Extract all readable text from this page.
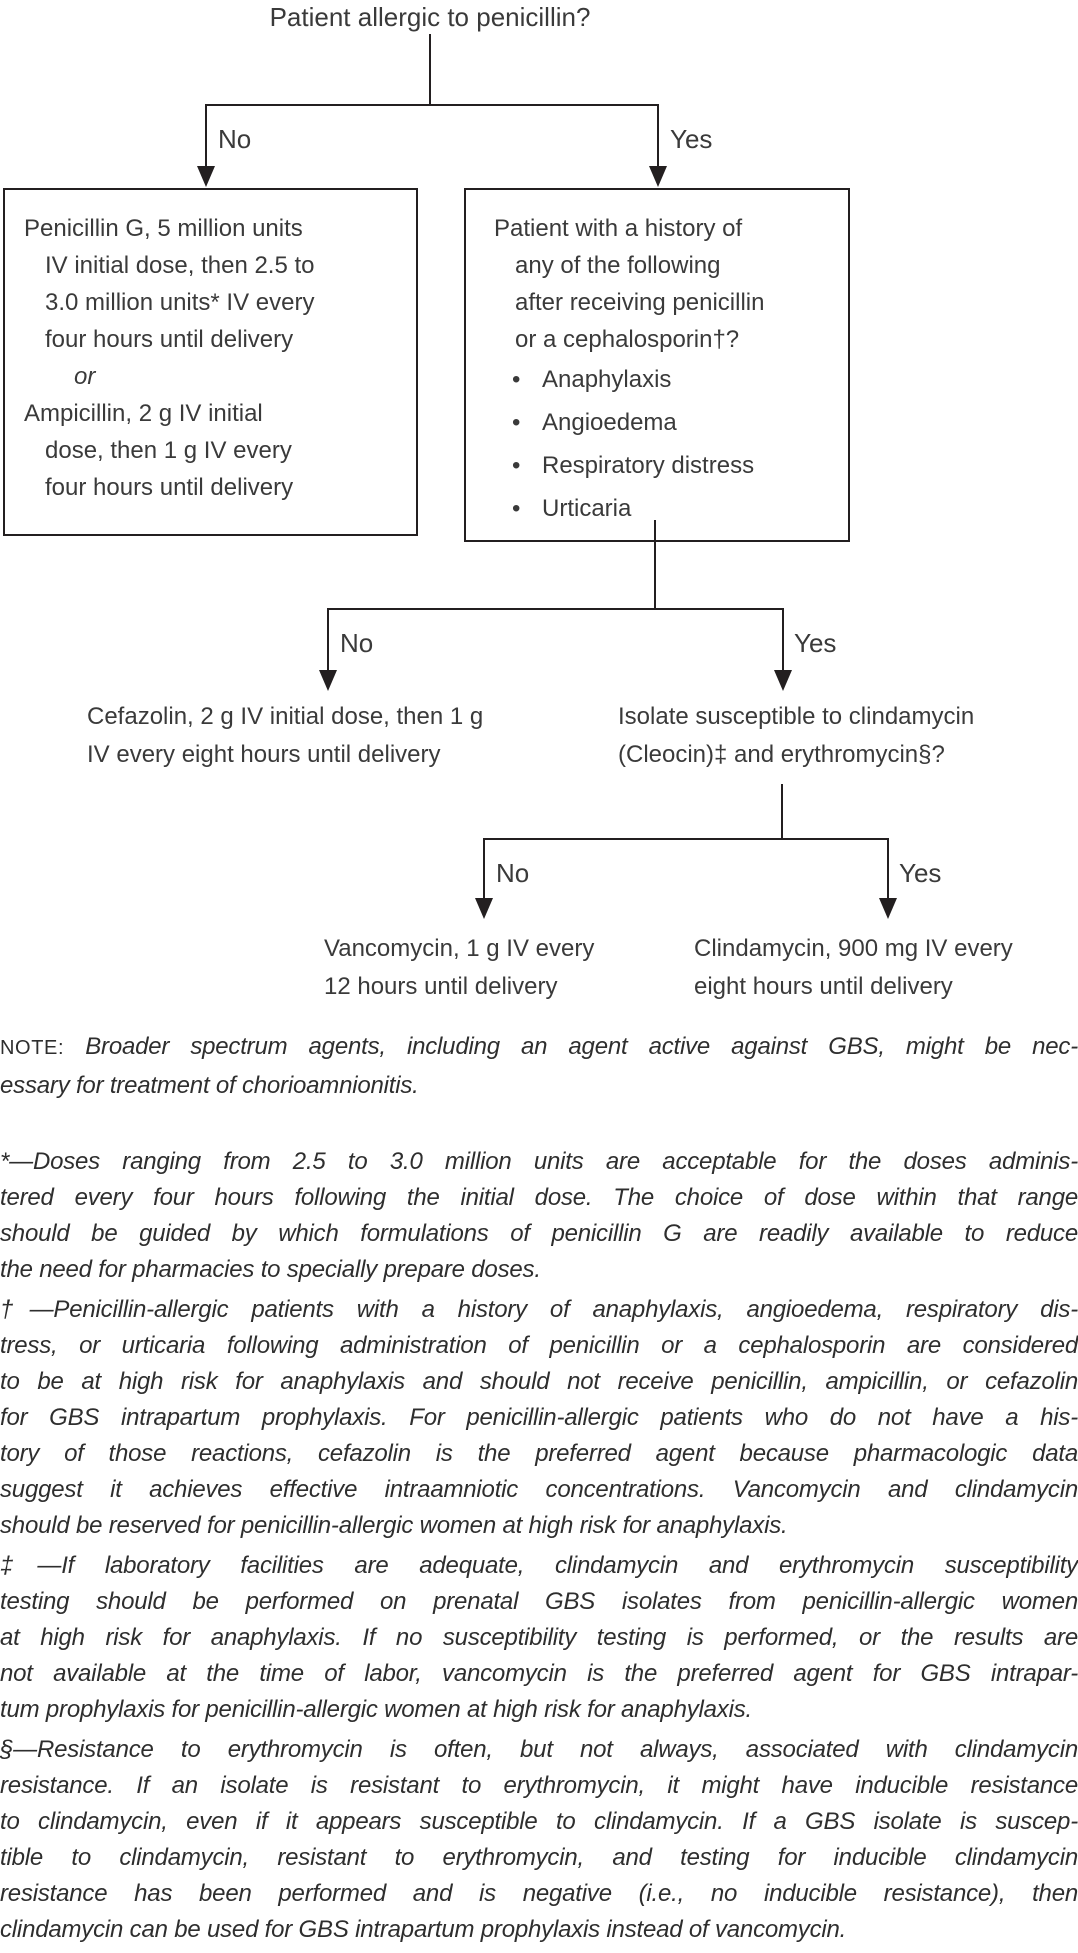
Patient allergic to penicillin?
No	Yes
Penicillin G, 5 million units
IV initial dose, then 2.5 to
3.0 million units* IV every
four hours until delivery
or
Ampicillin, 2 g IV initial
dose, then 1 g IV every
four hours until delivery
Patient with a history of
any of the following
after receiving penicillin
or a cephalosporin†?
• Anaphylaxis
• Angioedema
• Respiratory distress
• Urticaria
No	Yes
Cefazolin, 2 g IV initial dose, then 1 g
IV every eight hours until delivery
Isolate susceptible to clindamycin
(Cleocin)‡ and erythromycin§?
No	Yes
Vancomycin, 1 g IV every
12 hours until delivery
Clindamycin, 900 mg IV every
eight hours until delivery
NOTE: Broader spectrum agents, including an agent active against GBS, might be nec-
essary for treatment of chorioamnionitis.
*—Doses ranging from 2.5 to 3.0 million units are acceptable for the doses adminis-
tered every four hours following the initial dose. The choice of dose within that range
should be guided by which formulations of penicillin G are readily available to reduce
the need for pharmacies to specially prepare doses.
†—Penicillin-allergic patients with a history of anaphylaxis, angioedema, respiratory dis-
tress, or urticaria following administration of penicillin or a cephalosporin are considered
to be at high risk for anaphylaxis and should not receive penicillin, ampicillin, or cefazolin
for GBS intrapartum prophylaxis. For penicillin-allergic patients who do not have a his-
tory of those reactions, cefazolin is the preferred agent because pharmacologic data
suggest it achieves effective intraamniotic concentrations. Vancomycin and clindamycin
should be reserved for penicillin-allergic women at high risk for anaphylaxis.
‡—If laboratory facilities are adequate, clindamycin and erythromycin susceptibility
testing should be performed on prenatal GBS isolates from penicillin-allergic women
at high risk for anaphylaxis. If no susceptibility testing is performed, or the results are
not available at the time of labor, vancomycin is the preferred agent for GBS intrapar-
tum prophylaxis for penicillin-allergic women at high risk for anaphylaxis.
§—Resistance to erythromycin is often, but not always, associated with clindamycin
resistance. If an isolate is resistant to erythromycin, it might have inducible resistance
to clindamycin, even if it appears susceptible to clindamycin. If a GBS isolate is suscep-
tible to clindamycin, resistant to erythromycin, and testing for inducible clindamycin
resistance has been performed and is negative (i.e., no inducible resistance), then
clindamycin can be used for GBS intrapartum prophylaxis instead of vancomycin.
